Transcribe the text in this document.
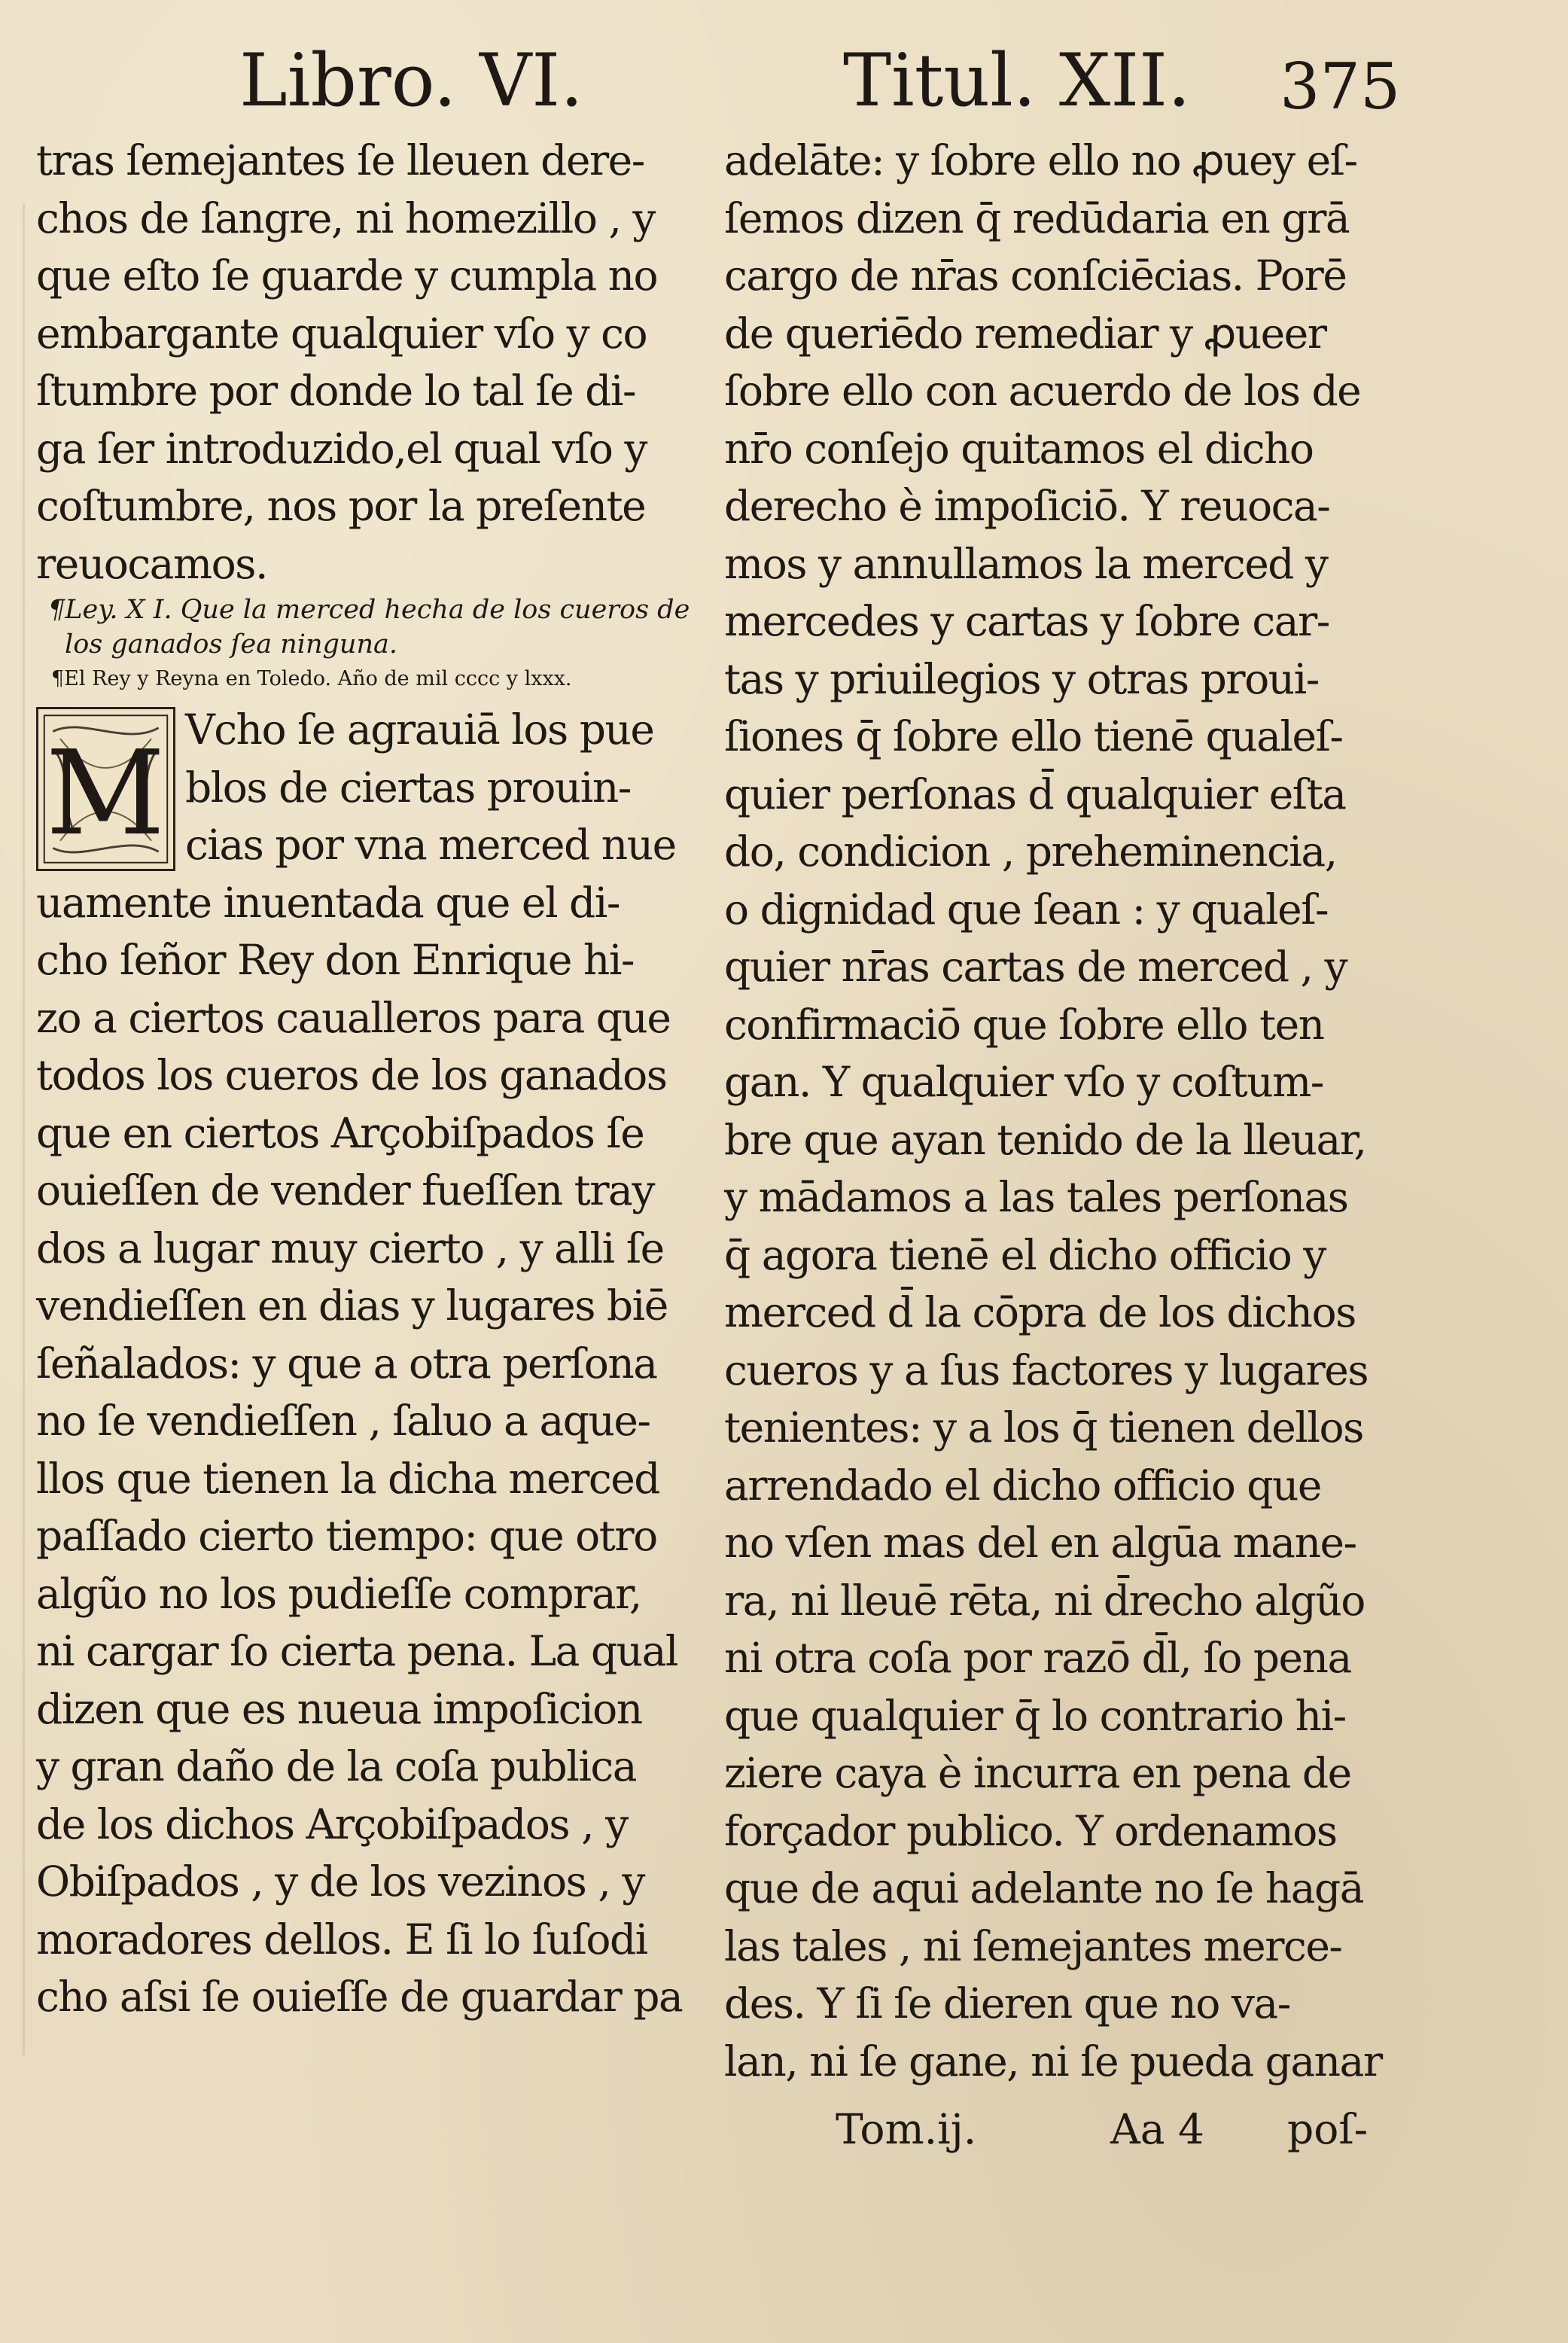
Libro. VI.	Titul. XII. 375
tras ſemejantes ſe lleuen dere-
chos de ſangre, ni homezillo , y
que eſto ſe guarde y cumpla no
embargante qualquier vſo y co
ſtumbre por donde lo tal ſe di-
ga ſer introduzido,el qual vſo y
coſtumbre, nos por la preſente
reuocamos.
¶Ley. X I. Que la merced hecha de los cueros de
los ganados ſea ninguna.
¶El Rey y Reyna en Toledo. Año de mil cccc y lxxx.
M Vcho ſe agrauiā los pue
blos de ciertas prouin-
cias por vna merced nue
uamente inuentada que el di-
cho ſeñor Rey don Enrique hi-
zo a ciertos caualleros para que
todos los cueros de los ganados
que en ciertos Arçobiſpados ſe
ouieſſen de vender fueſſen tray
dos a lugar muy cierto , y alli ſe
vendieſſen en dias y lugares biē
ſeñalados: y que a otra perſona
no ſe vendieſſen , ſaluo a aque-
llos que tienen la dicha merced
paſſado cierto tiempo: que otro
algũo no los pudieſſe comprar,
ni cargar ſo cierta pena. La qual
dizen que es nueua impoſicion
y gran daño de la coſa publica
de los dichos Arçobiſpados , y
Obiſpados , y de los vezinos , y
moradores dellos. E ſi lo ſuſodi
cho aſsi ſe ouieſſe de guardar pa
adelāte: y ſobre ello no ꝓuey eſ-
ſemos dizen q̄ redūdaria en grā
cargo de nr̄as conſciēcias. Porē
de queriēdo remediar y ꝓueer
ſobre ello con acuerdo de los de
nr̄o conſejo quitamos el dicho
derecho è impoſiciō. Y reuoca-
mos y annullamos la merced y
mercedes y cartas y ſobre car-
tas y priuilegios y otras proui-
ſiones q̄ ſobre ello tienē qualeſ-
quier perſonas d̄ qualquier eſta
do, condicion , preheminencia,
o dignidad que ſean : y qualeſ-
quier nr̄as cartas de merced , y
confirmaciō que ſobre ello ten
gan. Y qualquier vſo y coſtum-
bre que ayan tenido de la lleuar,
y mādamos a las tales perſonas
q̄ agora tienē el dicho officio y
merced d̄ la cōpra de los dichos
cueros y a ſus factores y lugares
tenientes: y a los q̄ tienen dellos
arrendado el dicho officio que
no vſen mas del en algūa mane-
ra, ni lleuē rēta, ni d̄recho algũo
ni otra coſa por razō d̄l, ſo pena
que qualquier q̄ lo contrario hi-
ziere caya è incurra en pena de
forçador publico. Y ordenamos
que de aqui adelante no ſe hagā
las tales , ni ſemejantes merce-
des. Y ſi ſe dieren que no va-
lan, ni ſe gane, ni ſe pueda ganar
Tom.ij.	Aa 4 poſ-
